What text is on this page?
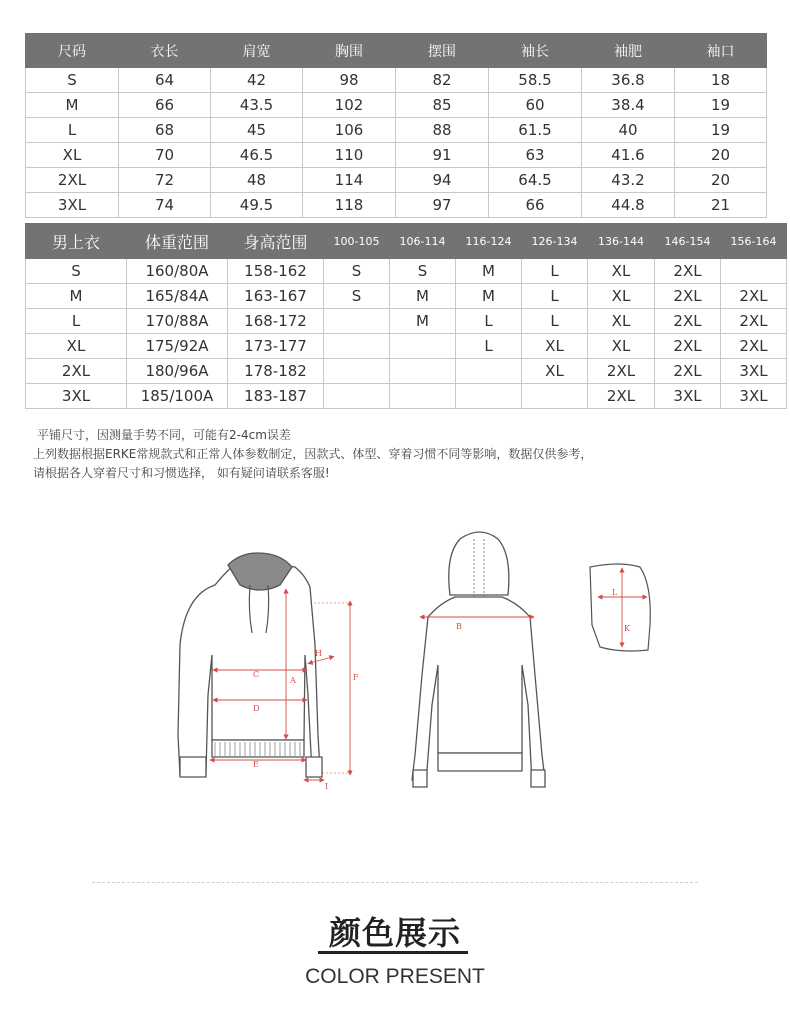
尺码	衣长	肩宽	胸围	摆围	袖长	袖肥	袖口
S	64	42	98	82	58.5	36.8	18
M	66	43.5	102	85	60	38.4	19
L	68	45	106	88	61.5	40	19
XL	70	46.5	110	91	63	41.6	20
2XL	72	48	114	94	64.5	43.2	20
3XL	74	49.5	118	97	66	44.8	21
男上衣	体重范围	身高范围	100-105	106-114	116-124	126-134	136-144	146-154	156-164
S	160/80A	158-162	S	S	M	L	XL	2XL	
M	165/84A	163-167	S	M	M	L	XL	2XL	2XL
L	170/88A	168-172		M	L	L	XL	2XL	2XL
XL	175/92A	173-177			L	XL	XL	2XL	2XL
2XL	180/96A	178-182				XL	2XL	2XL	3XL
3XL	185/100A	183-187					2XL	3XL	3XL
平铺尺寸，因测量手势不同，可能有2-4cm误差
上列数据根据ERKE常规款式和正常人体参数制定，因款式、体型、穿着习惯不同等影响，数据仅供参考，
请根据各人穿着尺寸和习惯选择， 如有疑问请联系客服!
A
B
C
D
E
F
H
I
K
L
颜色展示
COLOR PRESENT
